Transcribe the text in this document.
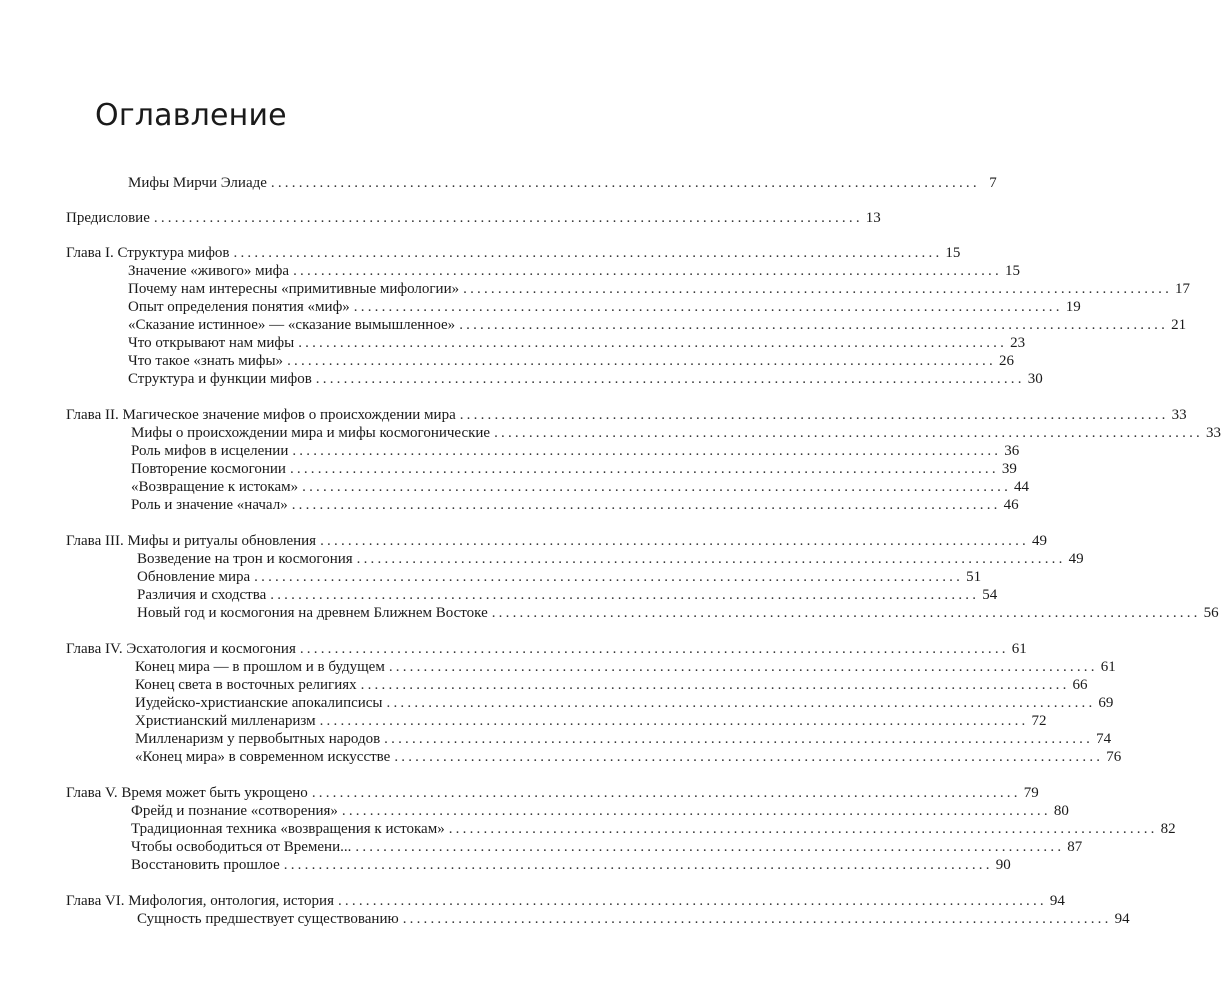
Оглавление
Мифы Мирчи Элиаде ...................................................................................................... 7
Предисловие ...................................................................................................... 13
Глава I. Структура мифов ...................................................................................................... 15
Значение «живого» мифа ...................................................................................................... 15
Почему нам интересны «примитивные мифологии» ...................................................................................................... 17
Опыт определения понятия «миф» ...................................................................................................... 19
«Сказание истинное» — «сказание вымышленное» ...................................................................................................... 21
Что открывают нам мифы ...................................................................................................... 23
Что такое «знать мифы» ...................................................................................................... 26
Структура и функции мифов ...................................................................................................... 30
Глава II. Магическое значение мифов о происхождении мира ...................................................................................................... 33
Мифы о происхождении мира и мифы космогонические ...................................................................................................... 33
Роль мифов в исцелении ...................................................................................................... 36
Повторение космогонии ...................................................................................................... 39
«Возвращение к истокам» ...................................................................................................... 44
Роль и значение «начал» ...................................................................................................... 46
Глава III. Мифы и ритуалы обновления ...................................................................................................... 49
Возведение на трон и космогония ...................................................................................................... 49
Обновление мира ...................................................................................................... 51
Различия и сходства ...................................................................................................... 54
Новый год и космогония на древнем Ближнем Востоке ...................................................................................................... 56
Глава IV. Эсхатология и космогония ...................................................................................................... 61
Конец мира — в прошлом и в будущем ...................................................................................................... 61
Конец света в восточных религиях ...................................................................................................... 66
Иудейско-христианские апокалипсисы ...................................................................................................... 69
Христианский милленаризм ...................................................................................................... 72
Милленаризм у первобытных народов ...................................................................................................... 74
«Конец мира» в современном искусстве ...................................................................................................... 76
Глава V. Время может быть укрощено ...................................................................................................... 79
Фрейд и познание «сотворения» ...................................................................................................... 80
Традиционная техника «возвращения к истокам» ...................................................................................................... 82
Чтобы освободиться от Времени... ...................................................................................................... 87
Восстановить прошлое ...................................................................................................... 90
Глава VI. Мифология, онтология, история ...................................................................................................... 94
Сущность предшествует существованию ...................................................................................................... 94
